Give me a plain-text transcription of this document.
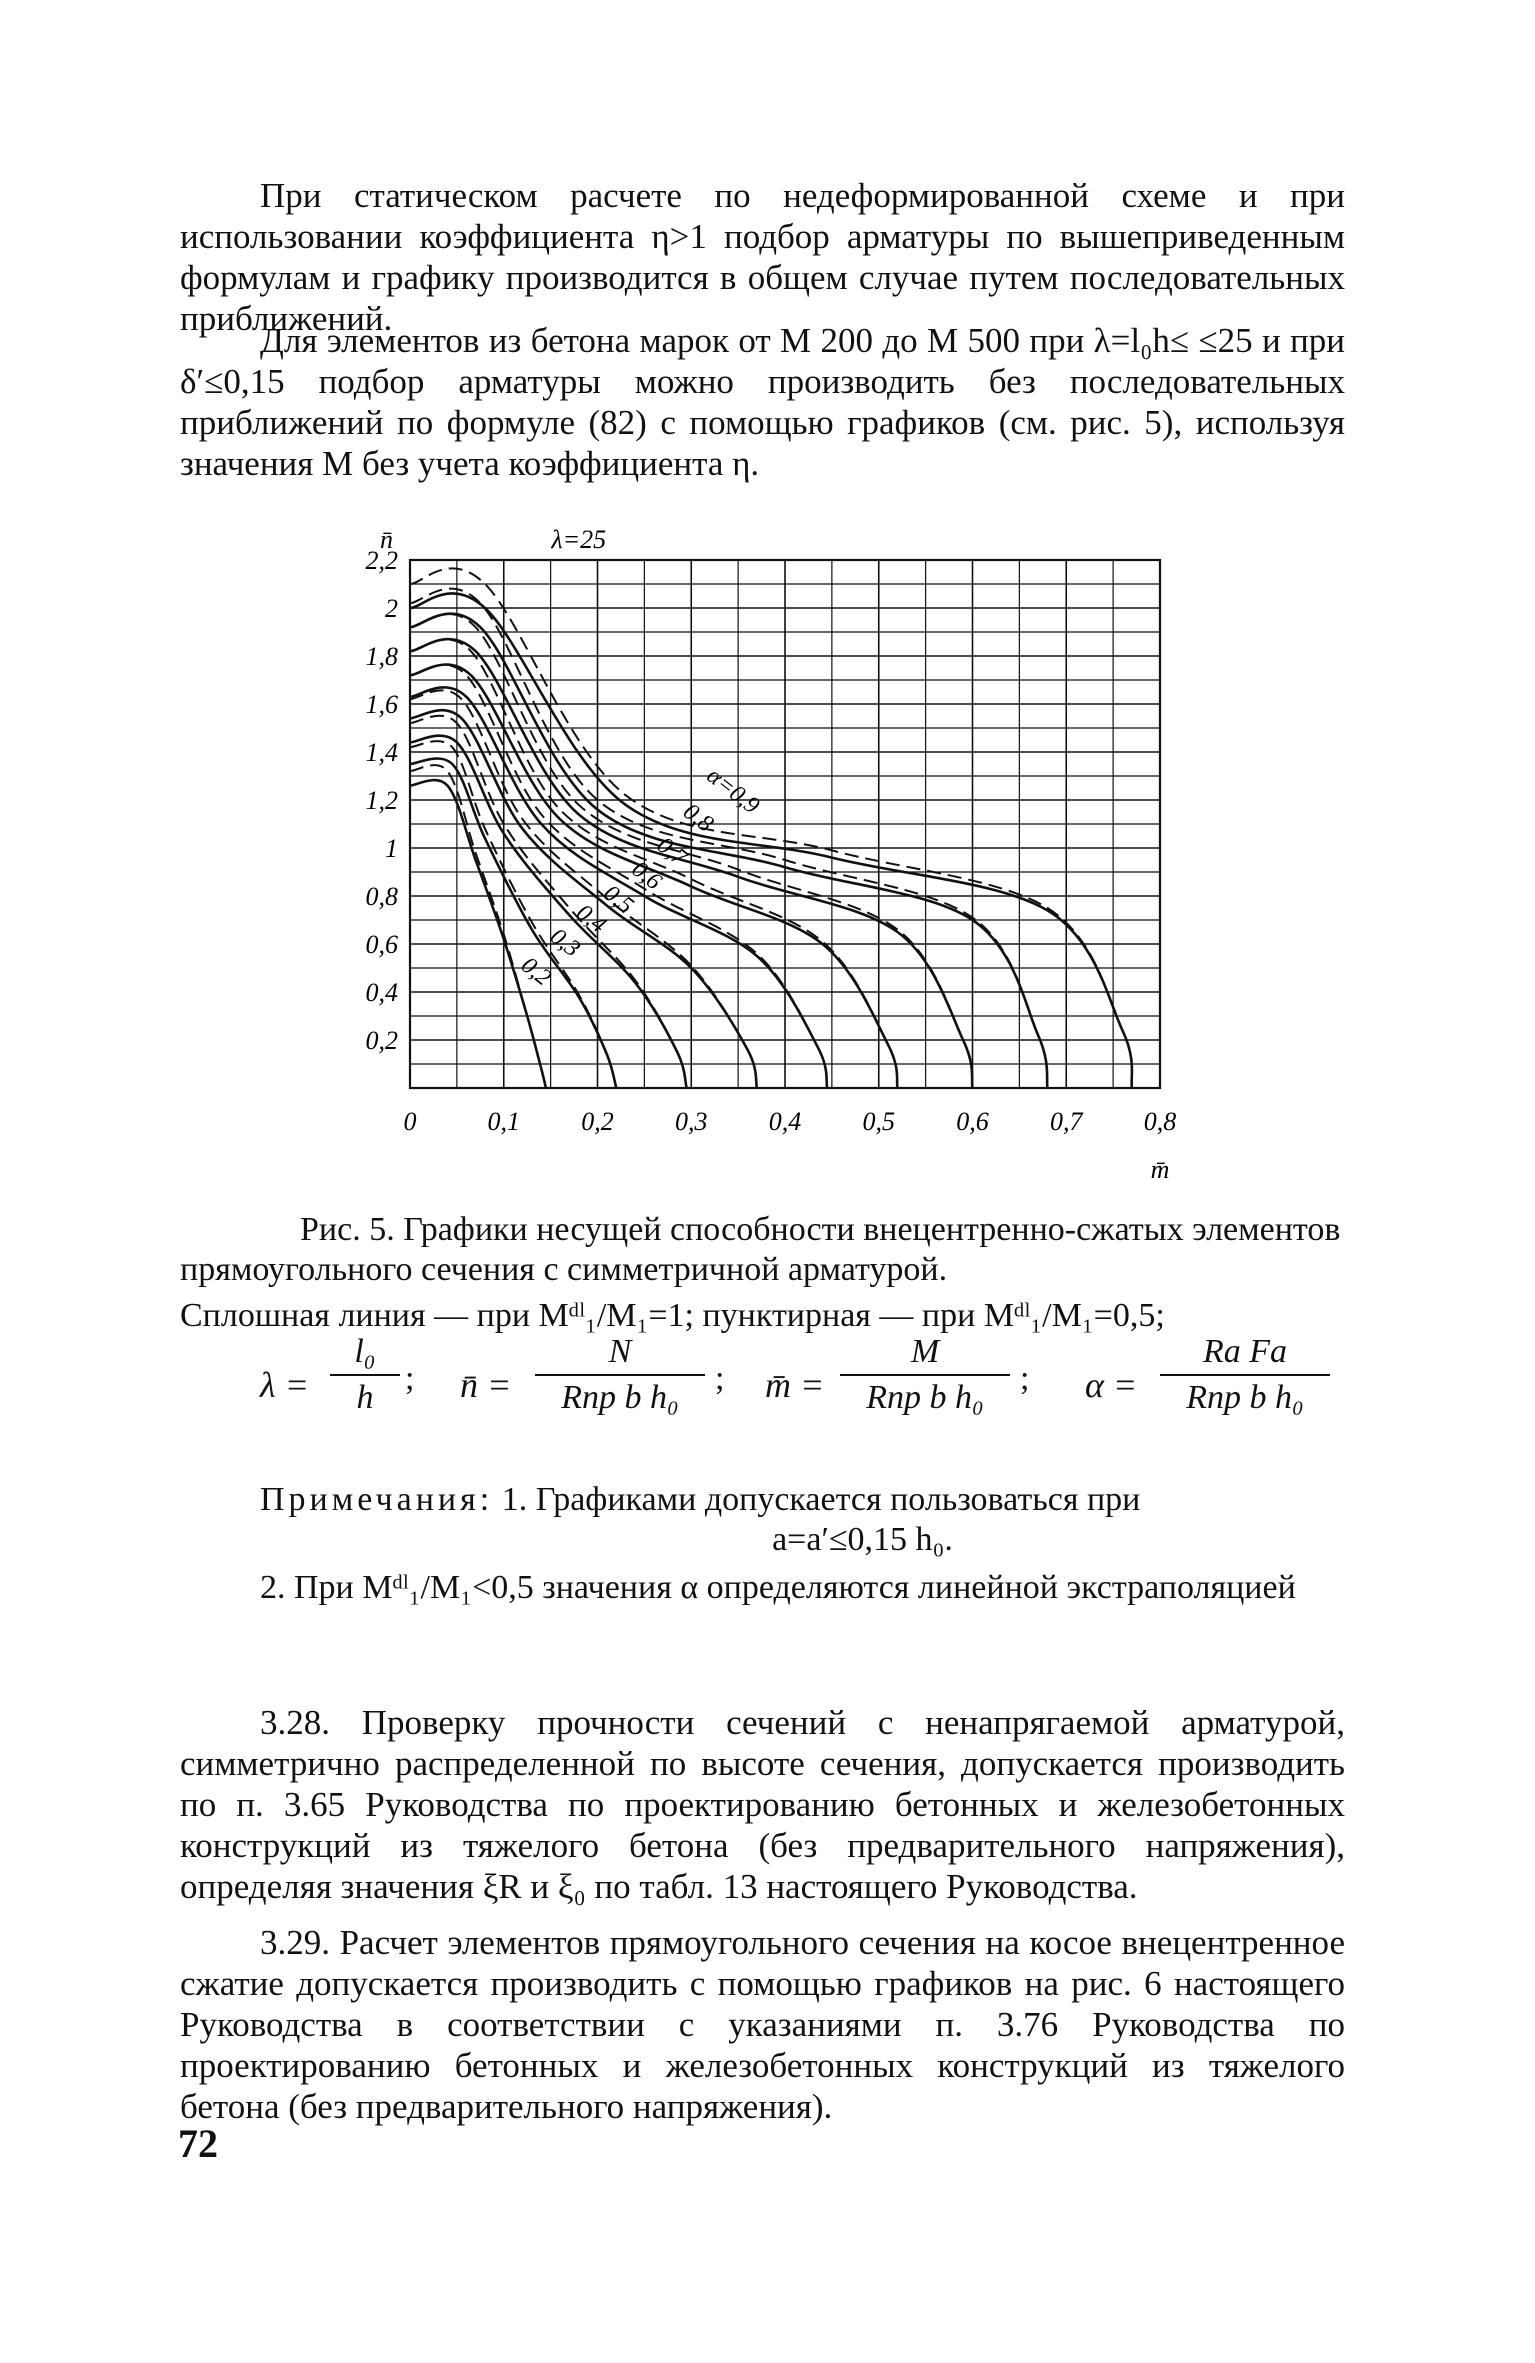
При статическом расчете по недеформированной схеме и при использовании коэффициента η>1 подбор арматуры по вышеприведенным формулам и графику производится в общем случае путем последовательных приближений.

Для элементов из бетона марок от М 200 до М 500 при λ=l₀h≤ ≤25 и при δ′≤0,15 подбор арматуры можно производить без последовательных приближений по формуле (82) с помощью графиков (см. рис. 5), используя значения M без учета коэффициента η.

2,2
2
1,8
1,6
1,4
1,2
1
0,8
0,6
0,4
0,2
0	0,1 0,2 0,3 0,4 0,5 0,6 0,7 0,8
n̄
m̄
λ=25
α=0,9
0,8
0,7
0,6
0,5
0,4
0,3
0,2
Рис. 5. Графики несущей способности внецентренно-сжатых элементов прямоугольного сечения с симметричной арматурой.
Сплошная линия — при Mᵈˡ₁/M₁=1; пунктирная — при Mᵈˡ₁/M₁=0,5;
λ =
l₀
h
; n̄ =
N
Rпр b h₀
; m̄ =
M
Rпр b h₀
; α =
Rа Fа
Rпр b h₀
Примечания: 1. Графиками допускается пользоваться при
a=a′≤0,15 h₀.
2. При Mᵈˡ₁/M₁<0,5 значения α определяются линейной экстраполяцией

3.28. Проверку прочности сечений с ненапрягаемой арматурой, симметрично распределенной по высоте сечения, допускается производить по п. 3.65 Руководства по проектированию бетонных и железобетонных конструкций из тяжелого бетона (без предварительного напряжения), определяя значения ξR и ξ₀ по табл. 13 настоящего Руководства.

3.29. Расчет элементов прямоугольного сечения на косое внецентренное сжатие допускается производить с помощью графиков на рис. 6 настоящего Руководства в соответствии с указаниями п. 3.76 Руководства по проектированию бетонных и железобетонных конструкций из тяжелого бетона (без предварительного напряжения).

72
